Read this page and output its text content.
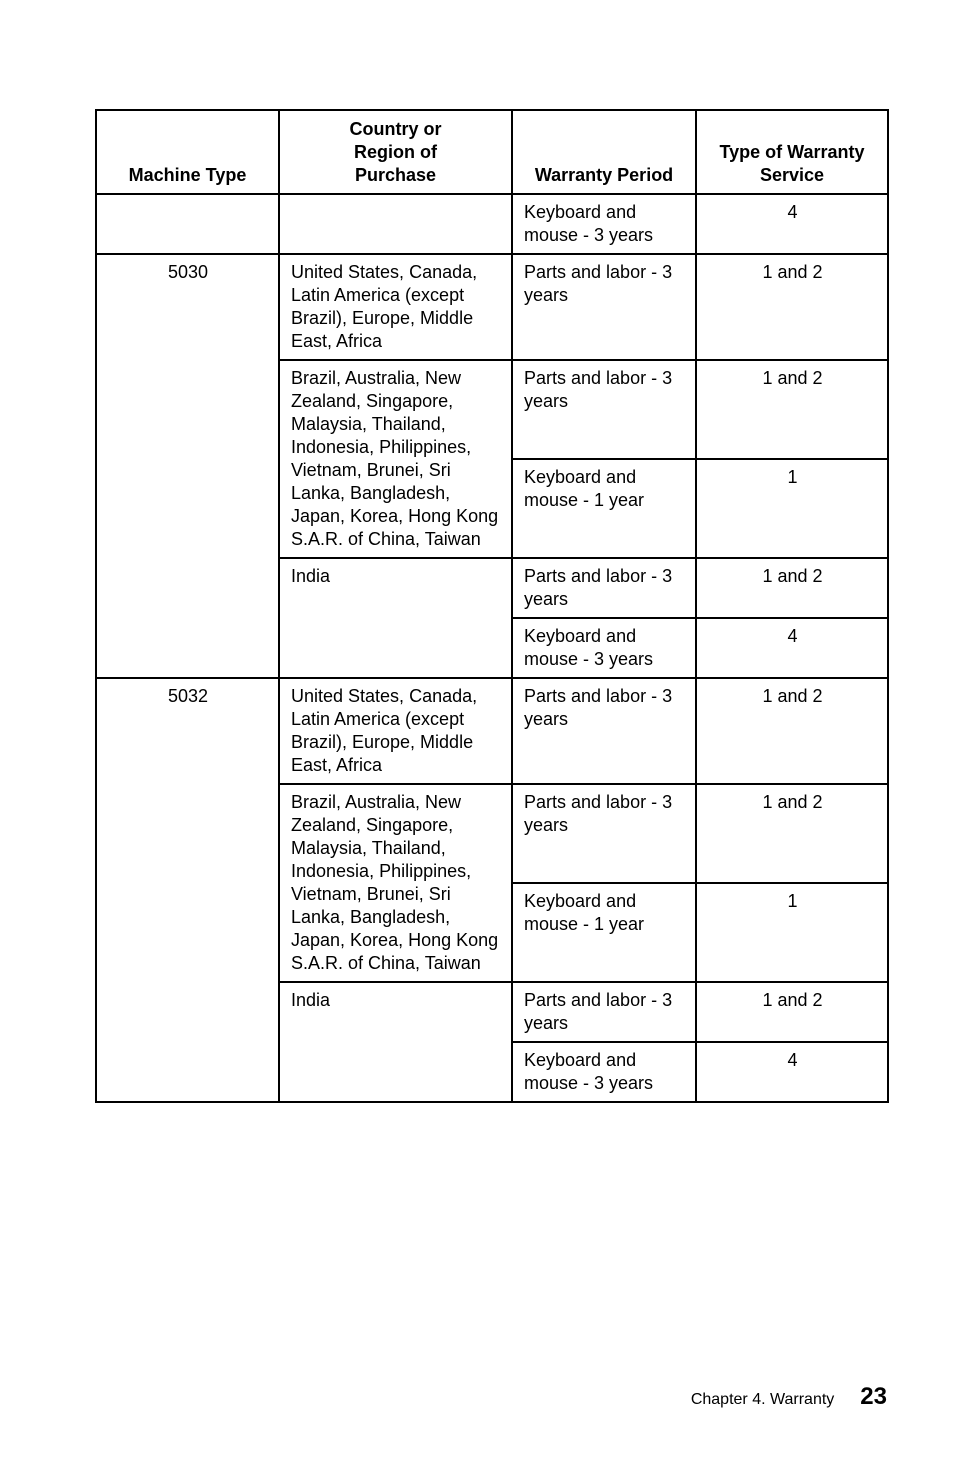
Machine Type	Country or Region of Purchase	Warranty Period	Type of Warranty Service
		Keyboard and mouse - 3 years	4
5030	United States, Canada, Latin America (except Brazil), Europe, Middle East, Africa	Parts and labor - 3 years	1 and 2
	Brazil, Australia, New Zealand, Singapore, Malaysia, Thailand, Indonesia, Philippines, Vietnam, Brunei, Sri Lanka, Bangladesh, Japan, Korea, Hong Kong S.A.R. of China, Taiwan	Parts and labor - 3 years	1 and 2
		Keyboard and mouse - 1 year	1
	India	Parts and labor - 3 years	1 and 2
		Keyboard and mouse - 3 years	4
5032	United States, Canada, Latin America (except Brazil), Europe, Middle East, Africa	Parts and labor - 3 years	1 and 2
	Brazil, Australia, New Zealand, Singapore, Malaysia, Thailand, Indonesia, Philippines, Vietnam, Brunei, Sri Lanka, Bangladesh, Japan, Korea, Hong Kong S.A.R. of China, Taiwan	Parts and labor - 3 years	1 and 2
		Keyboard and mouse - 1 year	1
	India	Parts and labor - 3 years	1 and 2
		Keyboard and mouse - 3 years	4
Chapter 4. Warranty 23
